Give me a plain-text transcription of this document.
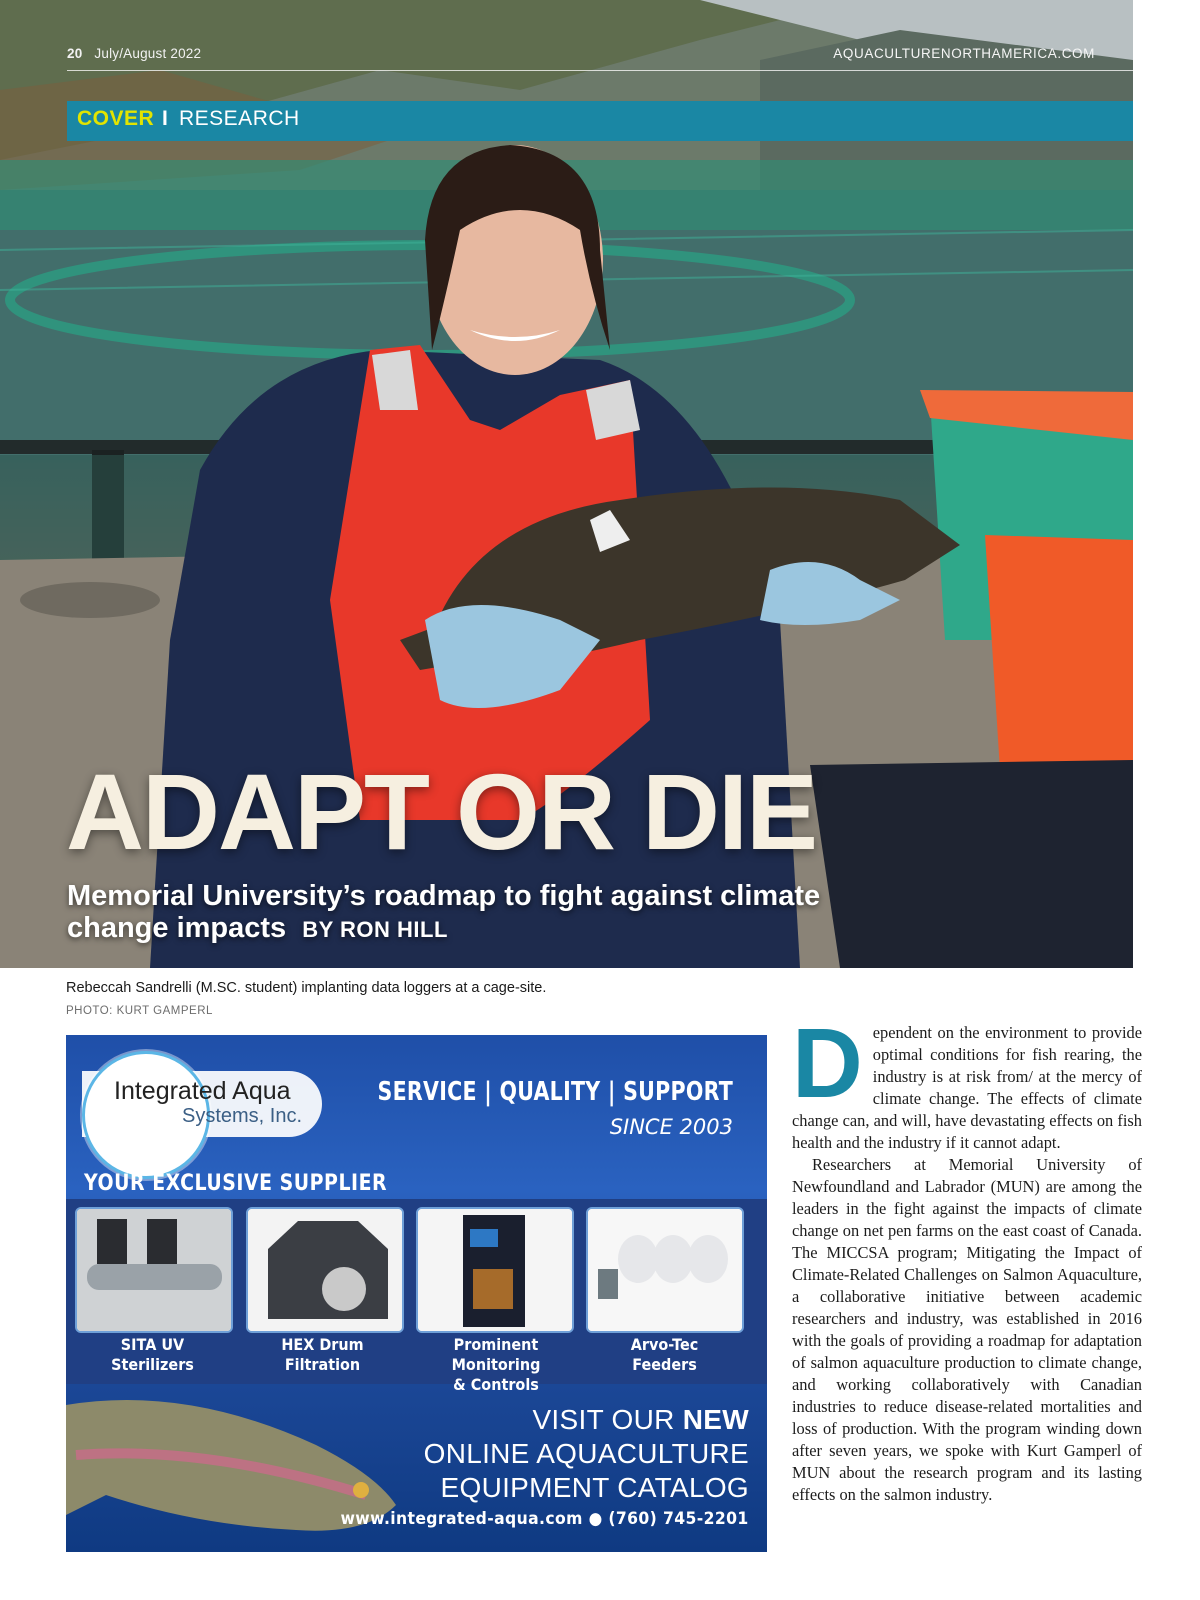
20 July/August 2022	AQUACULTURENORTHAMERICA.COM
COVER I RESEARCH
ADAPT OR DIE
Memorial University’s roadmap to fight against climate change impacts BY RON HILL
Rebeccah Sandrelli (M.SC. student) implanting data loggers at a cage-site.
PHOTO: KURT GAMPERL
Integrated Aqua
Systems, Inc.
SERVICE | QUALITY | SUPPORT
SINCE 2003
YOUR EXCLUSIVE SUPPLIER
SITA UV
Sterilizers
HEX Drum
Filtration
Prominent Monitoring
& Controls
Arvo-Tec
Feeders
VISIT OUR NEW
ONLINE AQUACULTURE
EQUIPMENT CATALOG
www.integrated-aqua.com ● (760) 745-2201

Dependent on the environment to provide optimal conditions for fish rearing, the industry is at risk from/ at the mercy of climate change. The effects of climate change can, and will, have devastating effects on fish health and the industry if it cannot adapt.

Researchers at Memorial University of Newfoundland and Labrador (MUN) are among the leaders in the fight against the impacts of climate change on net pen farms on the east coast of Canada. The MICCSA program; Mitigating the Impact of Climate-Related Challenges on Salmon Aquaculture, a collaborative initiative between academic researchers and industry, was established in 2016 with the goals of providing a roadmap for adaptation of salmon aquaculture production to climate change, and working collaboratively with Canadian industries to reduce disease-related mortalities and loss of production. With the program winding down after seven years, we spoke with Kurt Gamperl of MUN about the research program and its lasting effects on the salmon industry.
